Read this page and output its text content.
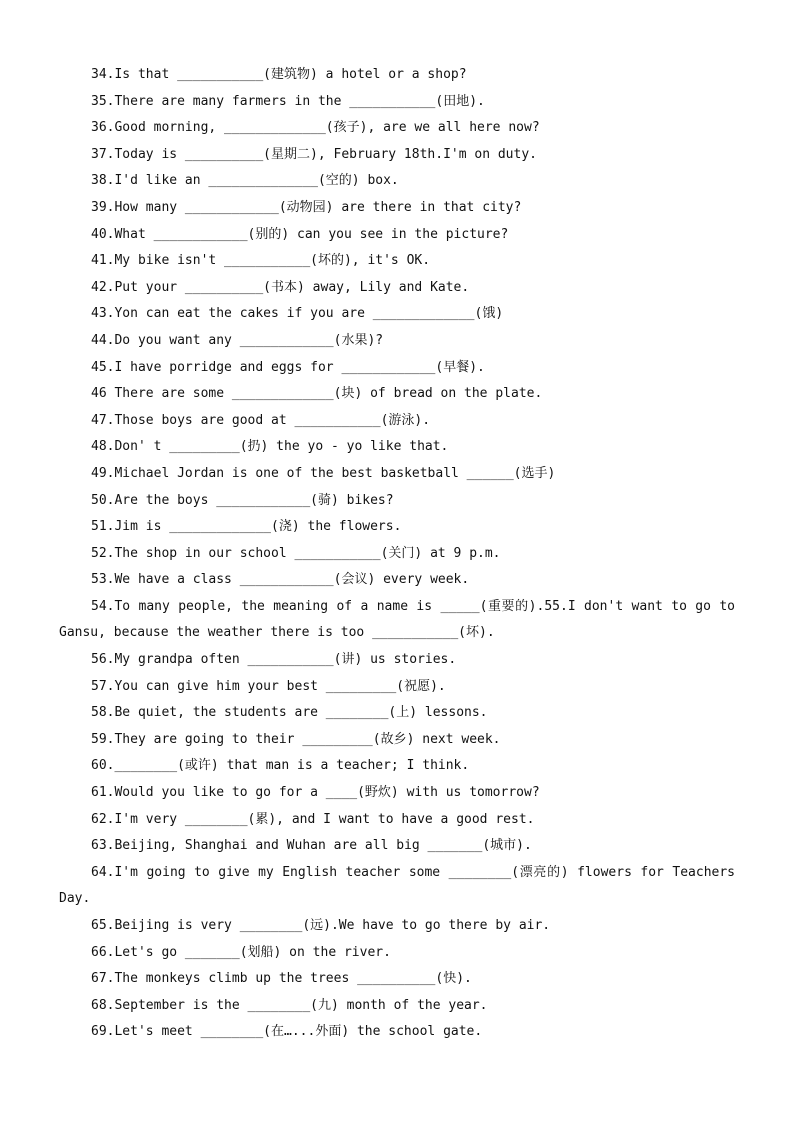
34.Is that ___________(建筑物) a hotel or a shop?
35.There are many farmers in the ___________(田地).
36.Good morning, _____________(孩子), are we all here now?
37.Today is __________(星期二), February 18th.I'm on duty.
38.I'd like an ______________(空的) box.
39.How many ____________(动物园) are there in that city?
40.What ____________(别的) can you see in the picture?
41.My bike isn't ___________(坏的), it's OK.
42.Put your __________(书本) away, Lily and Kate.
43.Yon can eat the cakes if you are _____________(饿)
44.Do you want any ____________(水果)?
45.I have porridge and eggs for ____________(早餐).
46 There are some _____________(块) of bread on the plate.
47.Those boys are good at ___________(游泳).
48.Don' t _________(扔) the yo - yo like that.
49.Michael Jordan is one of the best basketball ______(选手)
50.Are the boys ____________(骑) bikes?
51.Jim is _____________(浇) the flowers.
52.The shop in our school ___________(关门) at 9 p.m.
53.We have a class ____________(会议) every week.
54.To many people, the meaning of a name is _____(重要的).55.I don't want to go to Gansu, because the weather there is too ___________(坏).
56.My grandpa often ___________(讲) us stories.
57.You can give him your best _________(祝愿).
58.Be quiet, the students are ________(上) lessons.
59.They are going to their _________(故乡) next week.
60.________(或许) that man is a teacher; I think.
61.Would you like to go for a ____(野炊) with us tomorrow?
62.I'm very ________(累), and I want to have a good rest.
63.Beijing, Shanghai and Wuhan are all big _______(城市).
64.I'm going to give my English teacher some ________(漂亮的) flowers for Teachers Day.
65.Beijing is very ________(远).We have to go there by air.
66.Let's go _______(划船) on the river.
67.The monkeys climb up the trees __________(快).
68.September is the ________(九) month of the year.
69.Let's meet ________(在…...外面) the school gate.
